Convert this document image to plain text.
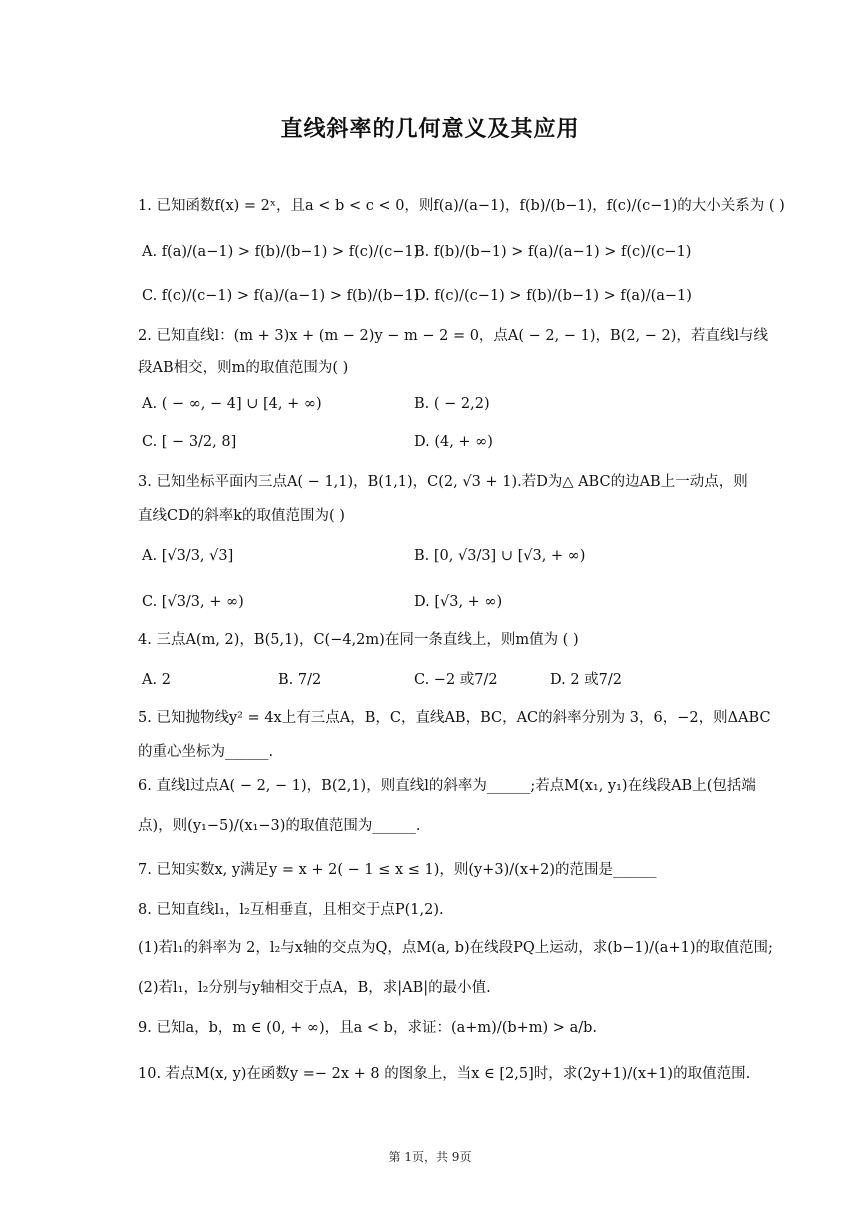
直线斜率的几何意义及其应用
1. 已知函数f(x) = 2ˣ，且a < b < c < 0，则f(a)/(a−1)，f(b)/(b−1)，f(c)/(c−1)的大小关系为 ( )
A. f(a)/(a−1) > f(b)/(b−1) > f(c)/(c−1)
B. f(b)/(b−1) > f(a)/(a−1) > f(c)/(c−1)
C. f(c)/(c−1) > f(a)/(a−1) > f(b)/(b−1)
D. f(c)/(c−1) > f(b)/(b−1) > f(a)/(a−1)
2. 已知直线l：(m + 3)x + (m − 2)y − m − 2 = 0，点A( − 2, − 1)，B(2, − 2)，若直线l与线
段AB相交，则m的取值范围为( )
A. ( − ∞, − 4] ∪ [4, + ∞)	B. ( − 2,2)
C. [ − 3/2, 8]	D. (4, + ∞)
3. 已知坐标平面内三点A( − 1,1)，B(1,1)，C(2, √3 + 1).若D为△ ABC的边AB上一动点，则
直线CD的斜率k的取值范围为( )
A. [√3/3, √3]	B. [0, √3/3] ∪ [√3, + ∞)
C. [√3/3, + ∞)	D. [√3, + ∞)
4. 三点A(m, 2)，B(5,1)，C(−4,2m)在同一条直线上，则m值为 ( )
A. 2	B. 7/2	C. −2 或7/2	D. 2 或7/2
5. 已知抛物线y² = 4x上有三点A，B，C，直线AB，BC，AC的斜率分别为 3，6，−2，则ΔABC
的重心坐标为______.
6. 直线l过点A( − 2, − 1)，B(2,1)，则直线l的斜率为______;若点M(x₁, y₁)在线段AB上(包括端
点)，则(y₁−5)/(x₁−3)的取值范围为______.
7. 已知实数x, y满足y = x + 2( − 1 ≤ x ≤ 1)，则(y+3)/(x+2)的范围是______
8. 已知直线l₁，l₂互相垂直，且相交于点P(1,2).
(1)若l₁的斜率为 2，l₂与x轴的交点为Q，点M(a, b)在线段PQ上运动，求(b−1)/(a+1)的取值范围;
(2)若l₁，l₂分别与y轴相交于点A，B，求|AB|的最小值.
9. 已知a，b，m ∈ (0, + ∞)，且a < b，求证：(a+m)/(b+m) > a/b.
10. 若点M(x, y)在函数y =− 2x + 8 的图象上，当x ∈ [2,5]时，求(2y+1)/(x+1)的取值范围.
第 1页，共 9页
